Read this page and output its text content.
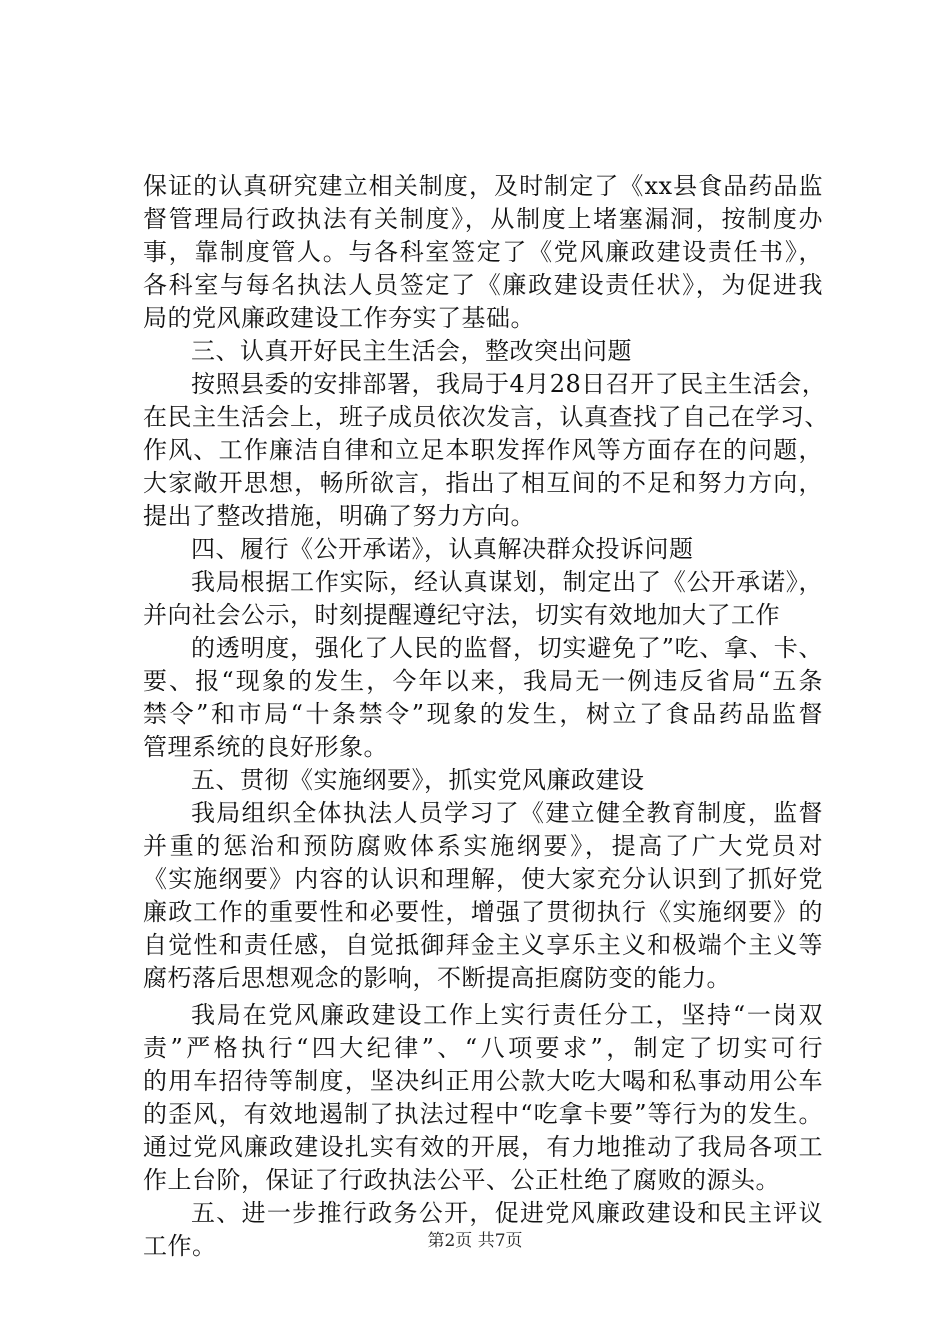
保证的认真研究建立相关制度，及时制定了《xx县食品药品监
督管理局行政执法有关制度》，从制度上堵塞漏洞，按制度办
事，靠制度管人。与各科室签定了《党风廉政建设责任书》，
各科室与每名执法人员签定了《廉政建设责任状》，为促进我
局的党风廉政建设工作夯实了基础。
三、认真开好民主生活会，整改突出问题
按照县委的安排部署，我局于4月28日召开了民主生活会，
在民主生活会上，班子成员依次发言，认真查找了自己在学习、
作风、工作廉洁自律和立足本职发挥作风等方面存在的问题，
大家敞开思想，畅所欲言，指出了相互间的不足和努力方向，
提出了整改措施，明确了努力方向。
四、履行《公开承诺》，认真解决群众投诉问题
我局根据工作实际，经认真谋划，制定出了《公开承诺》，
并向社会公示，时刻提醒遵纪守法，切实有效地加大了工作
的透明度，强化了人民的监督，切实避免了”吃、拿、卡、
要、报“现象的发生，今年以来，我局无一例违反省局“五条
禁令”和市局“十条禁令”现象的发生，树立了食品药品监督
管理系统的良好形象。
五、贯彻《实施纲要》，抓实党风廉政建设
我局组织全体执法人员学习了《建立健全教育制度，监督
并重的惩治和预防腐败体系实施纲要》，提高了广大党员对
《实施纲要》内容的认识和理解，使大家充分认识到了抓好党
廉政工作的重要性和必要性，增强了贯彻执行《实施纲要》的
自觉性和责任感，自觉抵御拜金主义享乐主义和极端个主义等
腐朽落后思想观念的影响，不断提高拒腐防变的能力。
我局在党风廉政建设工作上实行责任分工，坚持“一岗双
责”严格执行“四大纪律”、“八项要求”，制定了切实可行
的用车招待等制度，坚决纠正用公款大吃大喝和私事动用公车
的歪风，有效地遏制了执法过程中“吃拿卡要”等行为的发生。
通过党风廉政建设扎实有效的开展，有力地推动了我局各项工
作上台阶，保证了行政执法公平、公正杜绝了腐败的源头。
五、进一步推行政务公开，促进党风廉政建设和民主评议
工作。	第2页 共7页
